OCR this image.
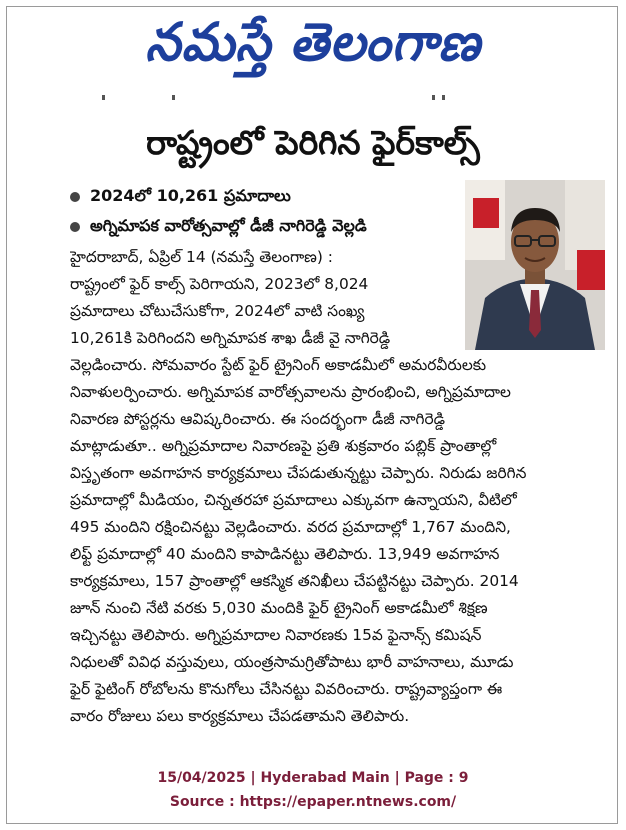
నమస్తే తెలంగాణ
రాష్ట్రంలో పెరిగిన ఫైర్‌కాల్స్
2024లో 10,261 ప్రమాదాలు
అగ్నిమాపక వారోత్సవాల్లో డీజీ నాగిరెడ్డి వెల్లడి
హైదరాబాద్, ఏప్రిల్ 14 (నమస్తే తెలంగాణ) :
రాష్ట్రంలో ఫైర్ కాల్స్ పెరిగాయని, 2023లో 8,024
ప్రమాదాలు చోటుచేసుకోగా, 2024లో వాటి సంఖ్య
10,261కి పెరిగిందని అగ్నిమాపక శాఖ డీజీ వై నాగిరెడ్డి
వెల్లడించారు. సోమవారం స్టేట్ ఫైర్ ట్రైనింగ్ అకాడమీలో అమరవీరులకు
నివాళులర్పించారు. అగ్నిమాపక వారోత్సవాలను ప్రారంభించి, అగ్నిప్రమాదాల
నివారణ పోస్టర్లను ఆవిష్కరించారు. ఈ సందర్భంగా డీజీ నాగిరెడ్డి
మాట్లాడుతూ.. అగ్నిప్రమాదాల నివారణపై ప్రతి శుక్రవారం పబ్లిక్ ప్రాంతాల్లో
విస్తృతంగా అవగాహన కార్యక్రమాలు చేపడుతున్నట్టు చెప్పారు. నిరుడు జరిగిన
ప్రమాదాల్లో మీడియం, చిన్నతరహా ప్రమాదాలు ఎక్కువగా ఉన్నాయని, వీటిలో
495 మందిని రక్షించినట్టు వెల్లడించారు. వరద ప్రమాదాల్లో 1,767 మందిని,
లిఫ్ట్ ప్రమాదాల్లో 40 మందిని కాపాడినట్టు తెలిపారు. 13,949 అవగాహన
కార్యక్రమాలు, 157 ప్రాంతాల్లో ఆకస్మిక తనిఖీలు చేపట్టినట్టు చెప్పారు. 2014
జూన్ నుంచి నేటి వరకు 5,030 మందికి ఫైర్ ట్రైనింగ్ అకాడమీలో శిక్షణ
ఇచ్చినట్టు తెలిపారు. అగ్నిప్రమాదాల నివారణకు 15వ ఫైనాన్స్ కమిషన్
నిధులతో వివిధ వస్తువులు, యంత్రసామగ్రితోపాటు భారీ వాహనాలు, మూడు
ఫైర్ ఫైటింగ్ రోబోలను కొనుగోలు చేసినట్టు వివరించారు. రాష్ట్రవ్యాప్తంగా ఈ
వారం రోజులు పలు కార్యక్రమాలు చేపడతామని తెలిపారు.
15/04/2025 | Hyderabad Main | Page : 9
Source : https://epaper.ntnews.com/
